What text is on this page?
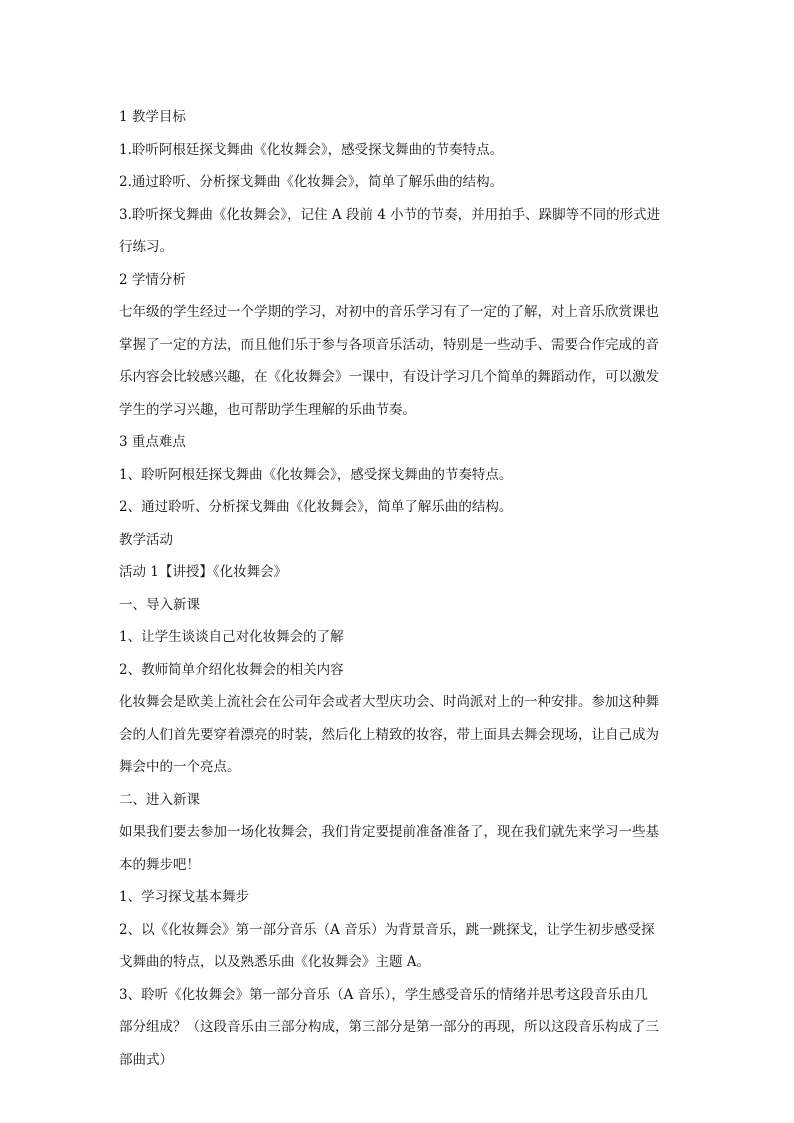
1 教学目标
1.聆听阿根廷探戈舞曲《化妆舞会》，感受探戈舞曲的节奏特点。
2.通过聆听、分析探戈舞曲《化妆舞会》，简单了解乐曲的结构。
3.聆听探戈舞曲《化妆舞会》，记住 A 段前 4 小节的节奏，并用拍手、跺脚等不同的形式进
行练习。
2 学情分析
七年级的学生经过一个学期的学习，对初中的音乐学习有了一定的了解，对上音乐欣赏课也
掌握了一定的方法，而且他们乐于参与各项音乐活动，特别是一些动手、需要合作完成的音
乐内容会比较感兴趣，在《化妆舞会》一课中，有设计学习几个简单的舞蹈动作，可以激发
学生的学习兴趣，也可帮助学生理解的乐曲节奏。
3 重点难点
1、聆听阿根廷探戈舞曲《化妆舞会》，感受探戈舞曲的节奏特点。
2、通过聆听、分析探戈舞曲《化妆舞会》，简单了解乐曲的结构。
教学活动
活动 1【讲授】《化妆舞会》
一、导入新课
1、让学生谈谈自己对化妆舞会的了解
2、教师简单介绍化妆舞会的相关内容
化妆舞会是欧美上流社会在公司年会或者大型庆功会、时尚派对上的一种安排。参加这种舞
会的人们首先要穿着漂亮的时装，然后化上精致的妆容，带上面具去舞会现场，让自己成为
舞会中的一个亮点。
二、进入新课
如果我们要去参加一场化妆舞会，我们肯定要提前准备准备了，现在我们就先来学习一些基
本的舞步吧！
1、学习探戈基本舞步
2、以《化妆舞会》第一部分音乐（A 音乐）为背景音乐，跳一跳探戈，让学生初步感受探
戈舞曲的特点，以及熟悉乐曲《化妆舞会》主题 A。
3、聆听《化妆舞会》第一部分音乐（A 音乐），学生感受音乐的情绪并思考这段音乐由几
部分组成？（这段音乐由三部分构成，第三部分是第一部分的再现，所以这段音乐构成了三
部曲式）
